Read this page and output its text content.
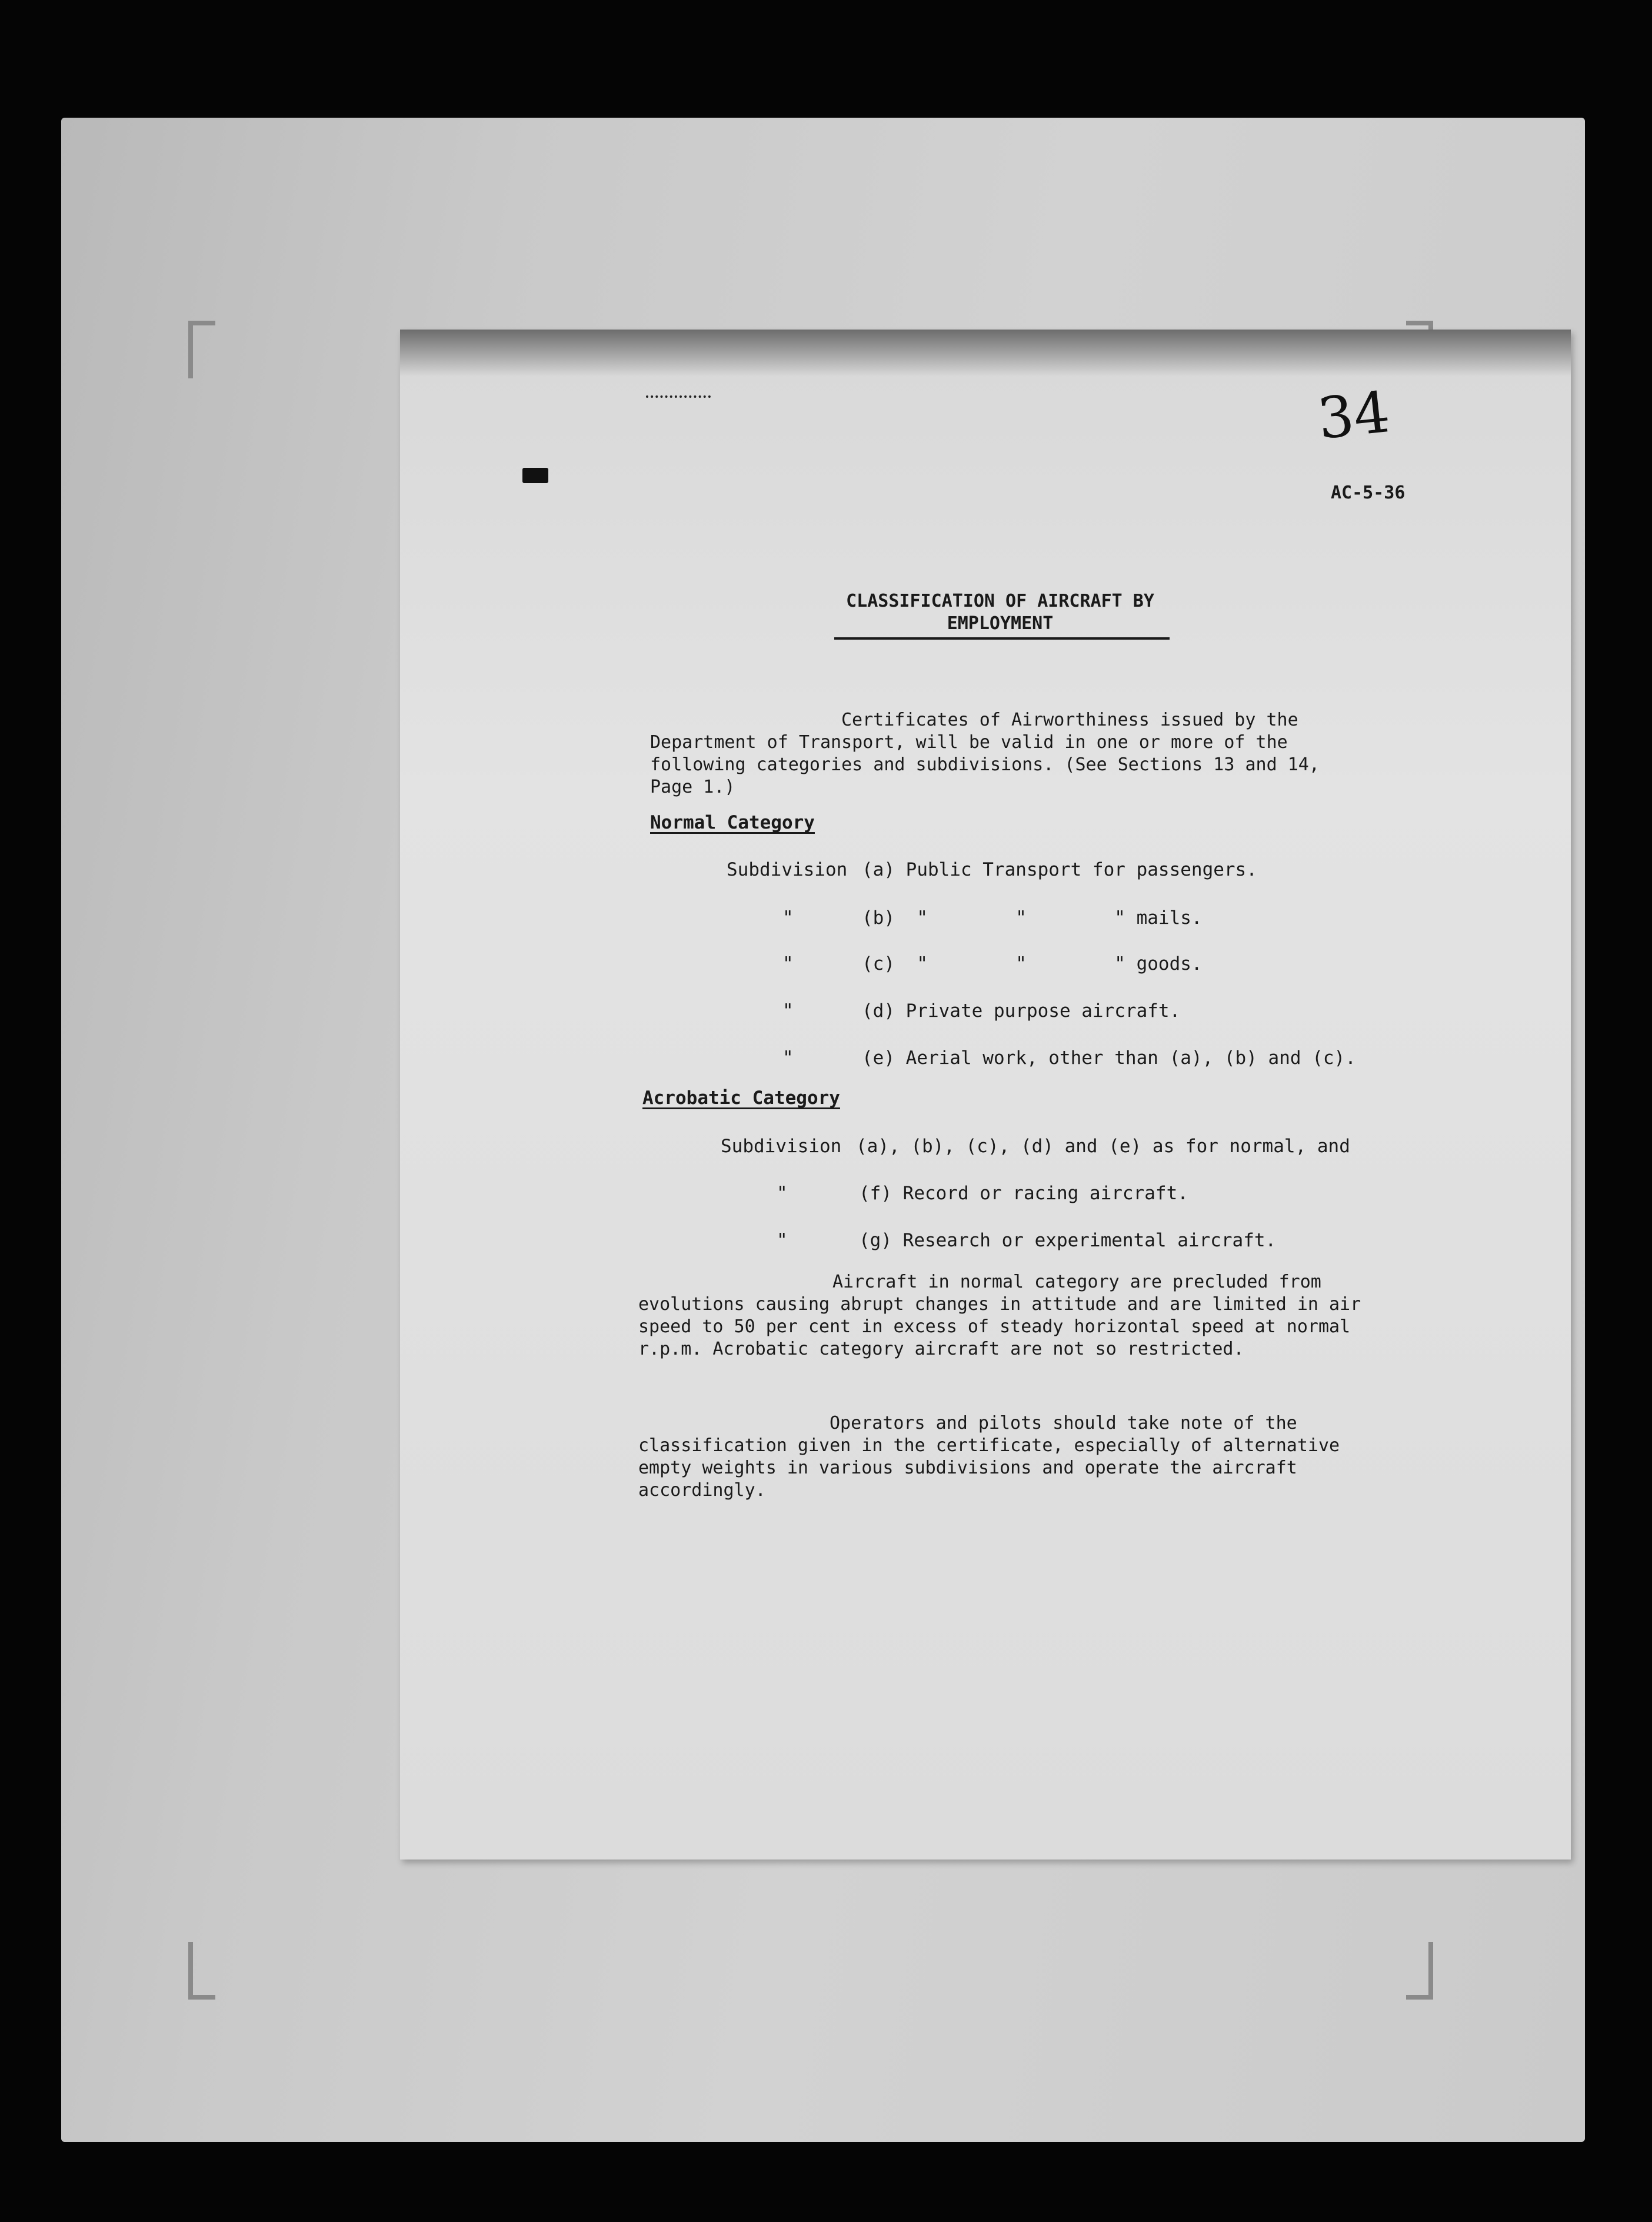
34
AC-5-36
CLASSIFICATION OF AIRCRAFT BY
EMPLOYMENT
Certificates of Airworthiness issued by the Department of Transport, will be valid in one or more of the following categories and subdivisions. (See Sections 13 and 14, Page 1.)
Normal Category
Subdivision (a) Public Transport for passengers.
"	(b)  "        "        " mails.
"	(c)  "        "        " goods.
"	(d) Private purpose aircraft.
"	(e) Aerial work, other than (a), (b) and (c).
Acrobatic Category
Subdivision (a), (b), (c), (d) and (e) as for normal, and
"	(f) Record or racing aircraft.
"	(g) Research or experimental aircraft.
Aircraft in normal category are precluded from evolutions causing abrupt changes in attitude and are limited in air speed to 50 per cent in excess of steady horizontal speed at normal r.p.m. Acrobatic category aircraft are not so restricted.
Operators and pilots should take note of the classification given in the certificate, especially of alternative empty weights in various subdivisions and operate the aircraft accordingly.
